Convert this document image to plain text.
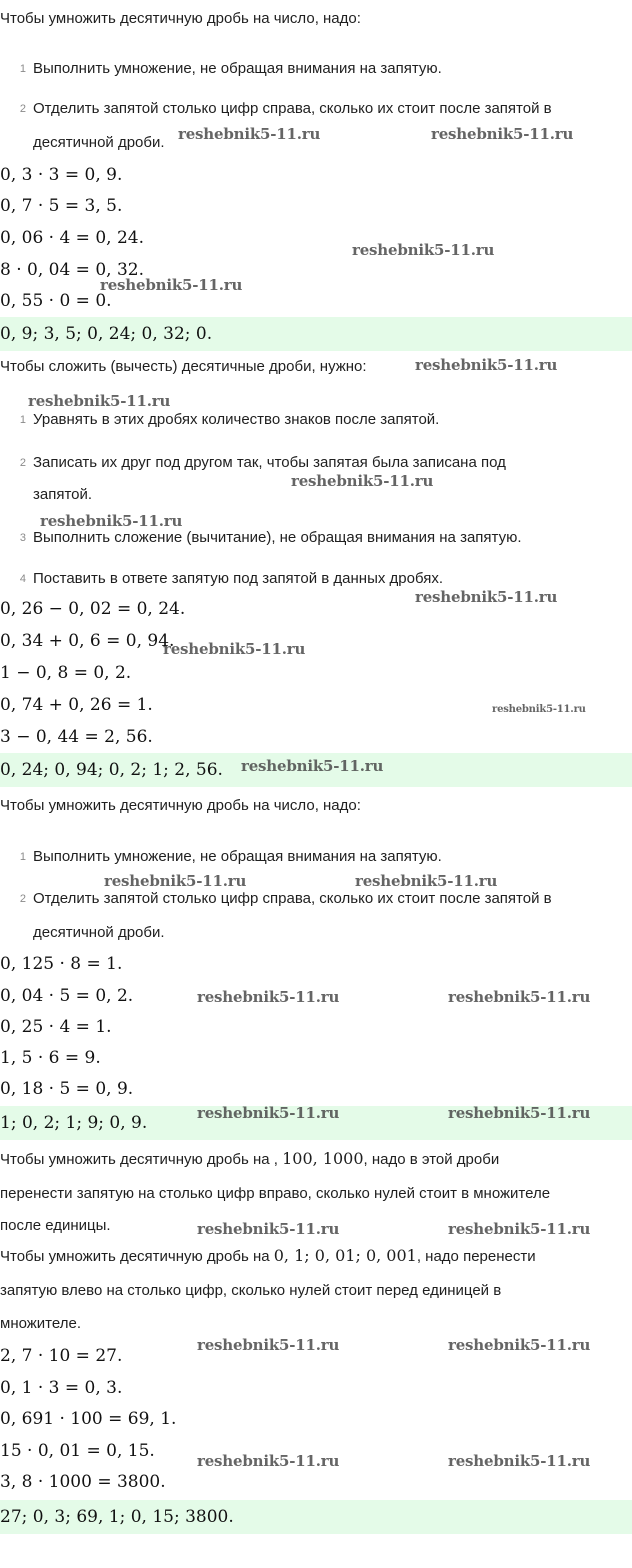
Чтобы умножить десятичную дробь на число, надо:
1 Выполнить умножение, не обращая внимания на запятую.
2 Отделить запятой столько цифр справа, сколько их стоит после запятой в
десятичной дроби.
0, 3 · 3 = 0, 9.
0, 7 · 5 = 3, 5.
0, 06 · 4 = 0, 24.
8 · 0, 04 = 0, 32.
0, 55 · 0 = 0.
0, 9; 3, 5; 0, 24; 0, 32; 0.
Чтобы сложить (вычесть) десятичные дроби, нужно:
1 Уравнять в этих дробях количество знаков после запятой.
2 Записать их друг под другом так, чтобы запятая была записана под
запятой.
3 Выполнить сложение (вычитание), не обращая внимания на запятую.
4 Поставить в ответе запятую под запятой в данных дробях.
0, 26 − 0, 02 = 0, 24.
0, 34 + 0, 6 = 0, 94.
1 − 0, 8 = 0, 2.
0, 74 + 0, 26 = 1.
3 − 0, 44 = 2, 56.
0, 24; 0, 94; 0, 2; 1; 2, 56.
Чтобы умножить десятичную дробь на число, надо:
1 Выполнить умножение, не обращая внимания на запятую.
2 Отделить запятой столько цифр справа, сколько их стоит после запятой в
десятичной дроби.
0, 125 · 8 = 1.
0, 04 · 5 = 0, 2.
0, 25 · 4 = 1.
1, 5 · 6 = 9.
0, 18 · 5 = 0, 9.
1; 0, 2; 1; 9; 0, 9.
Чтобы умножить десятичную дробь на , 100, 1000, надо в этой дроби
перенести запятую на столько цифр вправо, сколько нулей стоит в множителе
после единицы.
Чтобы умножить десятичную дробь на 0, 1; 0, 01; 0, 001, надо перенести
запятую влево на столько цифр, сколько нулей стоит перед единицей в
множителе.
2, 7 · 10 = 27.
0, 1 · 3 = 0, 3.
0, 691 · 100 = 69, 1.
15 · 0, 01 = 0, 15.
3, 8 · 1000 = 3800.
27; 0, 3; 69, 1; 0, 15; 3800.
reshebnik5-11.ru	reshebnik5-11.ru
reshebnik5-11.ru
reshebnik5-11.ru
reshebnik5-11.ru
reshebnik5-11.ru
reshebnik5-11.ru
reshebnik5-11.ru
reshebnik5-11.ru
reshebnik5-11.ru
reshebnik5-11.ru
reshebnik5-11.ru
reshebnik5-11.ru	reshebnik5-11.ru
reshebnik5-11.ru	reshebnik5-11.ru
reshebnik5-11.ru	reshebnik5-11.ru
reshebnik5-11.ru	reshebnik5-11.ru
reshebnik5-11.ru	reshebnik5-11.ru
reshebnik5-11.ru	reshebnik5-11.ru
